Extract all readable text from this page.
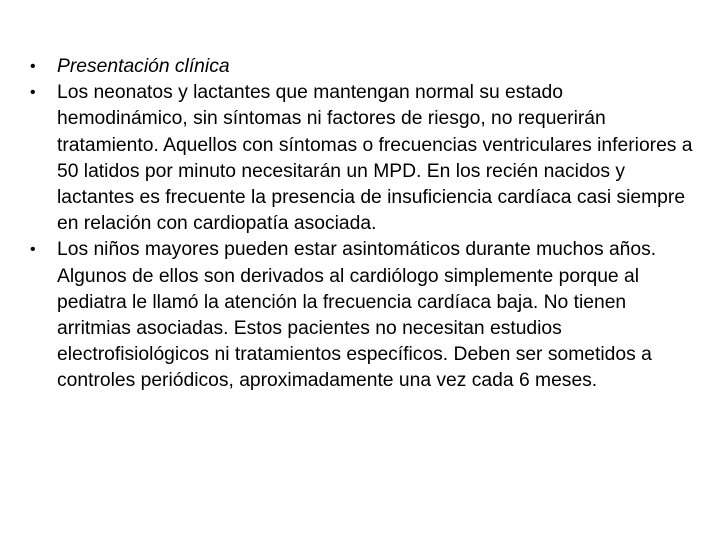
•	Presentación clínica
•	Los neonatos y lactantes que mantengan normal su estado hemodinámico, sin síntomas ni factores de riesgo, no requerirán tratamiento. Aquellos con síntomas o frecuencias ventriculares inferiores a 50 latidos por minuto necesitarán un MPD. En los recién nacidos y lactantes es frecuente la presencia de insuficiencia cardíaca casi siempre en relación con cardiopatía asociada.
•	Los niños mayores pueden estar asintomáticos durante muchos años. Algunos de ellos son derivados al cardiólogo simplemente porque al pediatra le llamó la atención la frecuencia cardíaca baja. No tienen arritmias asociadas. Estos pacientes no necesitan estudios electrofisiológicos ni tratamientos específicos. Deben ser sometidos a controles periódicos, aproximadamente una vez cada 6 meses.
